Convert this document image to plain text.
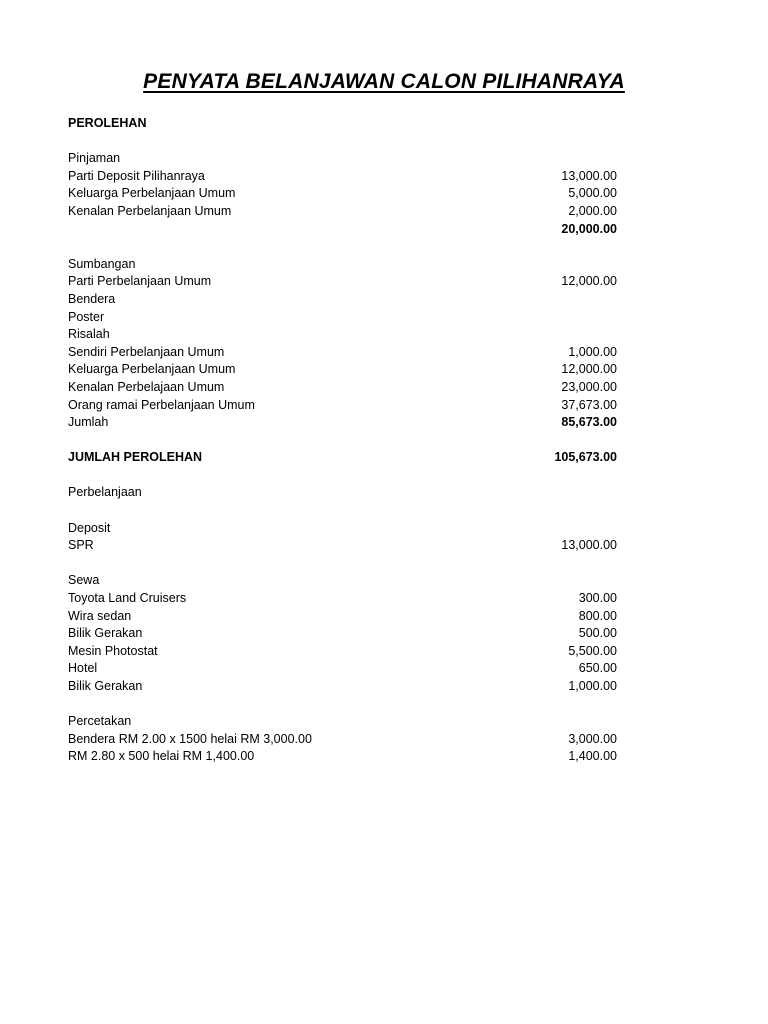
PENYATA BELANJAWAN CALON PILIHANRAYA
PEROLEHAN
Pinjaman
Parti Deposit Pilihanraya	13,000.00
Keluarga Perbelanjaan Umum	5,000.00
Kenalan Perbelanjaan Umum	2,000.00
20,000.00
Sumbangan
Parti Perbelanjaan Umum	12,000.00
Bendera
Poster
Risalah
Sendiri Perbelanjaan Umum	1,000.00
Keluarga Perbelanjaan Umum	12,000.00
Kenalan Perbelajaan Umum	23,000.00
Orang ramai Perbelanjaan Umum	37,673.00
Jumlah	85,673.00
JUMLAH PEROLEHAN	105,673.00
Perbelanjaan
Deposit
SPR	13,000.00
Sewa
Toyota Land Cruisers	300.00
Wira sedan	800.00
Bilik Gerakan	500.00
Mesin Photostat	5,500.00
Hotel	650.00
Bilik Gerakan	1,000.00
Percetakan
Bendera RM 2.00 x 1500 helai RM 3,000.00	3,000.00
RM 2.80 x 500 helai RM 1,400.00	1,400.00
